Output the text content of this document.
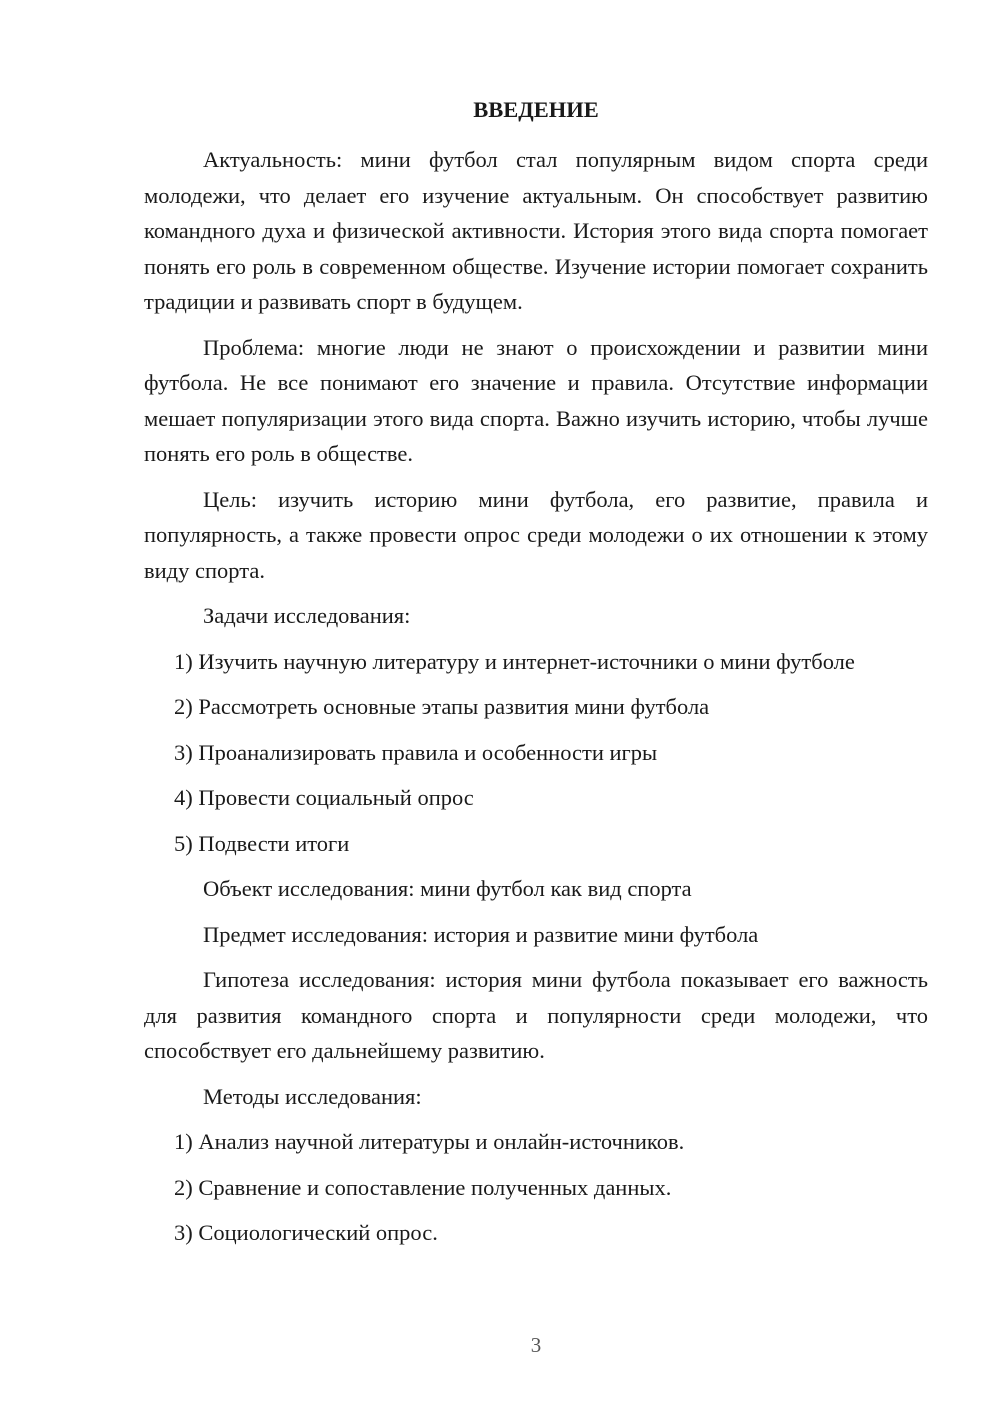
ВВЕДЕНИЕ

Актуальность: мини футбол стал популярным видом спорта среди молодежи, что делает его изучение актуальным. Он способствует развитию командного духа и физической активности. История этого вида спорта помогает понять его роль в современном обществе. Изучение истории помогает сохранить традиции и развивать спорт в будущем.

Проблема: многие люди не знают о происхождении и развитии мини футбола. Не все понимают его значение и правила. Отсутствие информации мешает популяризации этого вида спорта. Важно изучить историю, чтобы лучше понять его роль в обществе.

Цель: изучить историю мини футбола, его развитие, правила и популярность, а также провести опрос среди молодежи о их отношении к этому виду спорта.

Задачи исследования:

1) Изучить научную литературу и интернет-источники о мини футболе

2) Рассмотреть основные этапы развития мини футбола

3) Проанализировать правила и особенности игры

4) Провести социальный опрос

5) Подвести итоги

Объект исследования: мини футбол как вид спорта

Предмет исследования: история и развитие мини футбола

Гипотеза исследования: история мини футбола показывает его важность для развития командного спорта и популярности среди молодежи, что способствует его дальнейшему развитию.

Методы исследования:

1) Анализ научной литературы и онлайн-источников.

2) Сравнение и сопоставление полученных данных.

3) Социологический опрос.

3
